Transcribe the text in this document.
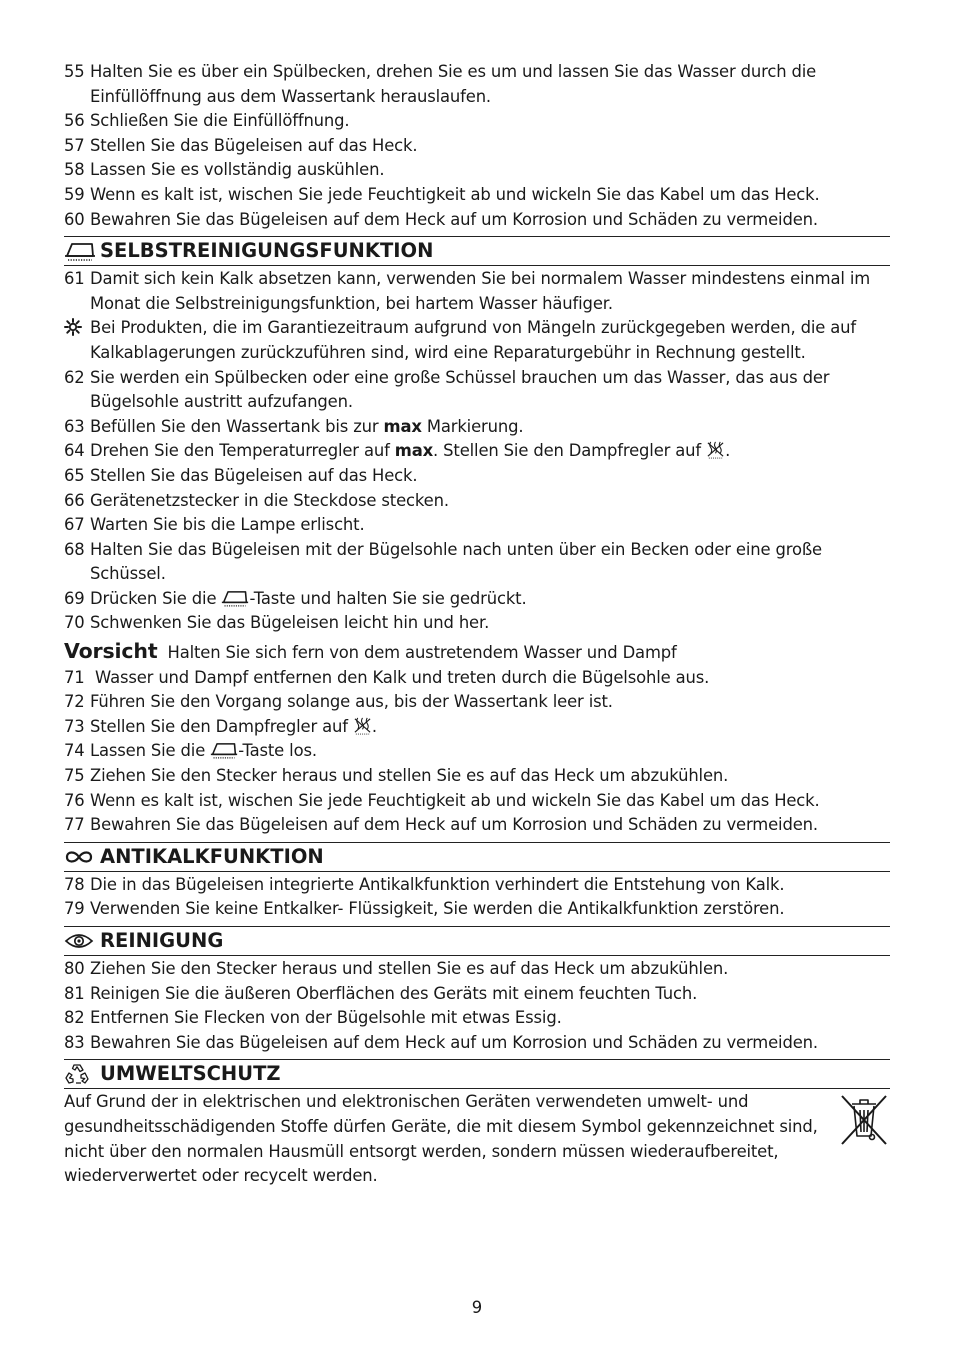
55 Halten Sie es über ein Spülbecken, drehen Sie es um und lassen Sie das Wasser durch die Einfüllöffnung aus dem Wassertank herauslaufen.
56 Schließen Sie die Einfüllöffnung.
57 Stellen Sie das Bügeleisen auf das Heck.
58 Lassen Sie es vollständig auskühlen.
59 Wenn es kalt ist, wischen Sie jede Feuchtigkeit ab und wickeln Sie das Kabel um das Heck.
60 Bewahren Sie das Bügeleisen auf dem Heck auf um Korrosion und Schäden zu vermeiden.
SELBSTREINIGUNGSFUNKTION
61 Damit sich kein Kalk absetzen kann, verwenden Sie bei normalem Wasser mindestens einmal im Monat die Selbstreinigungsfunktion, bei hartem Wasser häufiger.
Bei Produkten, die im Garantiezeitraum aufgrund von Mängeln zurückgegeben werden, die auf Kalkablagerungen zurückzuführen sind, wird eine Reparaturgebühr in Rechnung gestellt.
62 Sie werden ein Spülbecken oder eine große Schüssel brauchen um das Wasser, das aus der Bügelsohle austritt aufzufangen.
63 Befüllen Sie den Wassertank bis zur max Markierung.
64 Drehen Sie den Temperaturregler auf max. Stellen Sie den Dampfregler auf .
65 Stellen Sie das Bügeleisen auf das Heck.
66 Gerätenetzstecker in die Steckdose stecken.
67 Warten Sie bis die Lampe erlischt.
68 Halten Sie das Bügeleisen mit der Bügelsohle nach unten über ein Becken oder eine große Schüssel.
69 Drücken Sie die -Taste und halten Sie sie gedrückt.
70 Schwenken Sie das Bügeleisen leicht hin und her.
Vorsicht Halten Sie sich fern von dem austretendem Wasser und Dampf
71 Wasser und Dampf entfernen den Kalk und treten durch die Bügelsohle aus.
72 Führen Sie den Vorgang solange aus, bis der Wassertank leer ist.
73 Stellen Sie den Dampfregler auf .
74 Lassen Sie die -Taste los.
75 Ziehen Sie den Stecker heraus und stellen Sie es auf das Heck um abzukühlen.
76 Wenn es kalt ist, wischen Sie jede Feuchtigkeit ab und wickeln Sie das Kabel um das Heck.
77 Bewahren Sie das Bügeleisen auf dem Heck auf um Korrosion und Schäden zu vermeiden.
ANTIKALKFUNKTION
78 Die in das Bügeleisen integrierte Antikalkfunktion verhindert die Entstehung von Kalk.
79 Verwenden Sie keine Entkalker- Flüssigkeit, Sie werden die Antikalkfunktion zerstören.
REINIGUNG
80 Ziehen Sie den Stecker heraus und stellen Sie es auf das Heck um abzukühlen.
81 Reinigen Sie die äußeren Oberflächen des Geräts mit einem feuchten Tuch.
82 Entfernen Sie Flecken von der Bügelsohle mit etwas Essig.
83 Bewahren Sie das Bügeleisen auf dem Heck auf um Korrosion und Schäden zu vermeiden.
UMWELTSCHUTZ
Auf Grund der in elektrischen und elektronischen Geräten verwendeten umwelt- und gesundheitsschädigenden Stoffe dürfen Geräte, die mit diesem Symbol gekennzeichnet sind, nicht über den normalen Hausmüll entsorgt werden, sondern müssen wiederaufbereitet, wiederverwertet oder recycelt werden.
9
